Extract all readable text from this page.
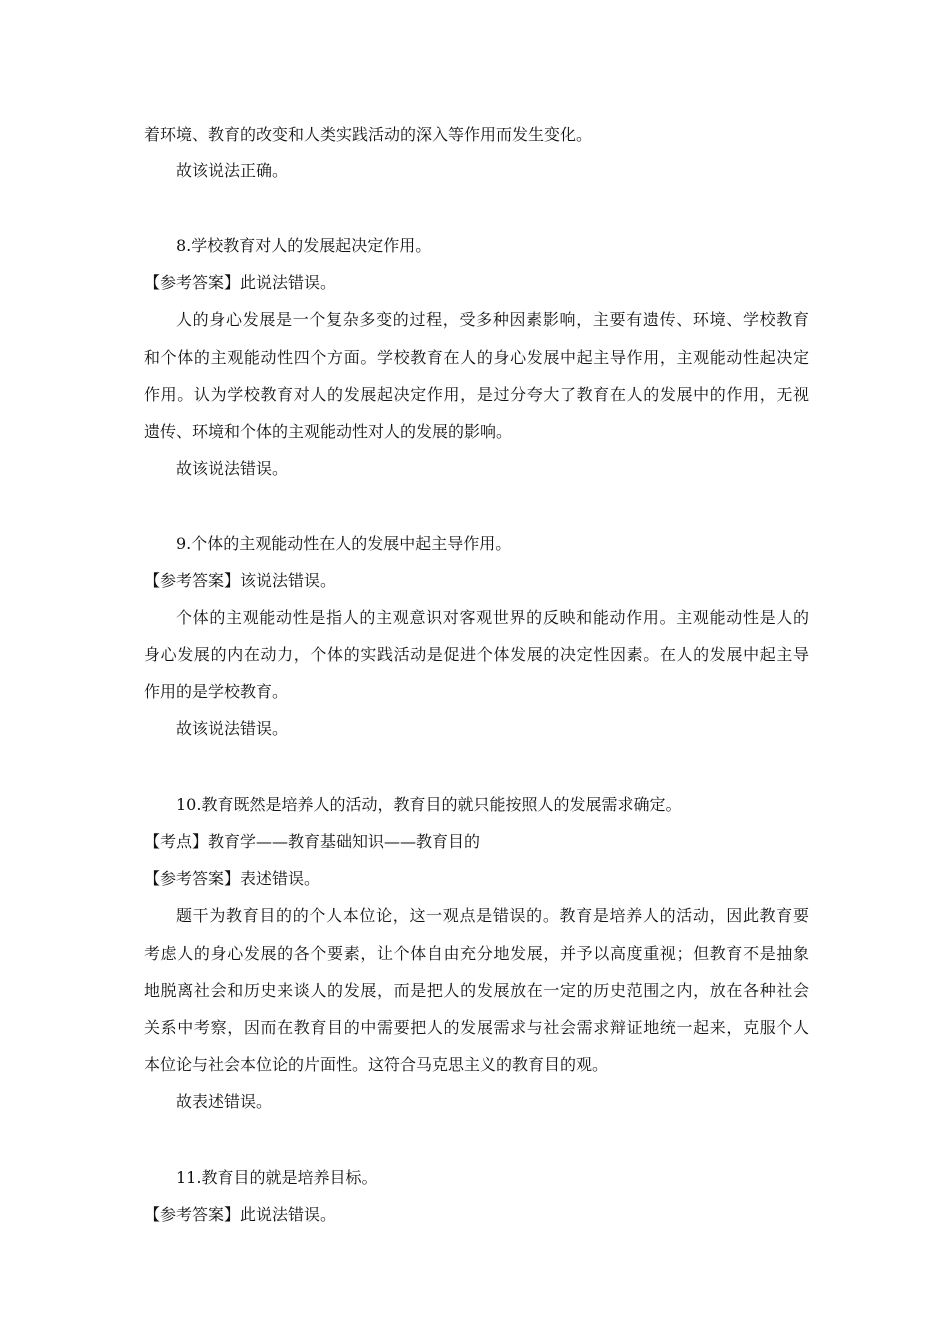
着环境、教育的改变和人类实践活动的深入等作用而发生变化。
故该说法正确。
8.学校教育对人的发展起决定作用。
【参考答案】此说法错误。
人的身心发展是一个复杂多变的过程，受多种因素影响，主要有遗传、环境、学校教育
和个体的主观能动性四个方面。学校教育在人的身心发展中起主导作用，主观能动性起决定
作用。认为学校教育对人的发展起决定作用，是过分夸大了教育在人的发展中的作用，无视
遗传、环境和个体的主观能动性对人的发展的影响。
故该说法错误。
9.个体的主观能动性在人的发展中起主导作用。
【参考答案】该说法错误。
个体的主观能动性是指人的主观意识对客观世界的反映和能动作用。主观能动性是人的
身心发展的内在动力，个体的实践活动是促进个体发展的决定性因素。在人的发展中起主导
作用的是学校教育。
故该说法错误。
10.教育既然是培养人的活动，教育目的就只能按照人的发展需求确定。
【考点】教育学——教育基础知识——教育目的
【参考答案】表述错误。
题干为教育目的的个人本位论，这一观点是错误的。教育是培养人的活动，因此教育要
考虑人的身心发展的各个要素，让个体自由充分地发展，并予以高度重视；但教育不是抽象
地脱离社会和历史来谈人的发展，而是把人的发展放在一定的历史范围之内，放在各种社会
关系中考察，因而在教育目的中需要把人的发展需求与社会需求辩证地统一起来，克服个人
本位论与社会本位论的片面性。这符合马克思主义的教育目的观。
故表述错误。
11.教育目的就是培养目标。
【参考答案】此说法错误。
